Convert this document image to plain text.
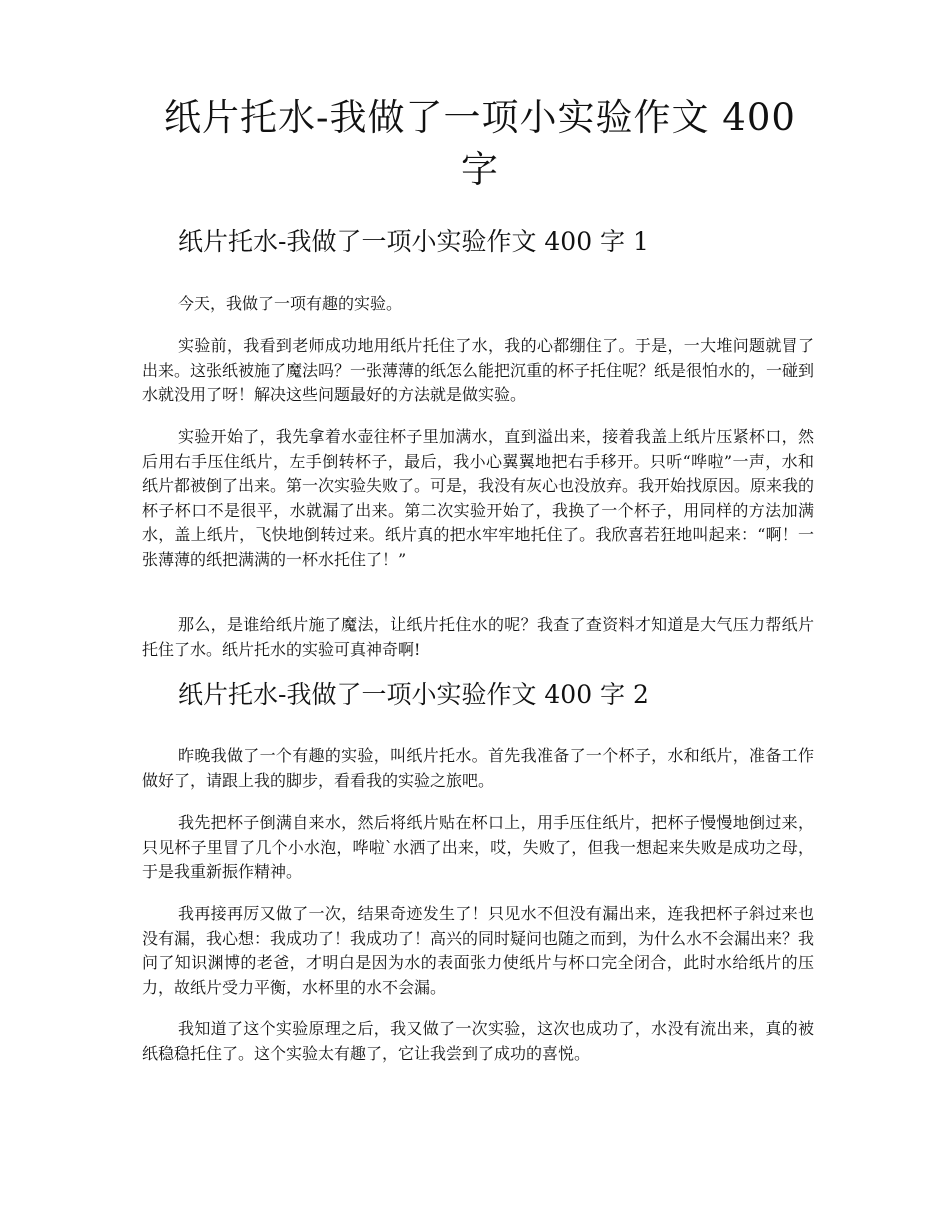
纸片托水-我做了一项小实验作文 400 字
纸片托水-我做了一项小实验作文 400 字 1

今天，我做了一项有趣的实验。

实验前，我看到老师成功地用纸片托住了水，我的心都绷住了。于是，一大堆问题就冒了出来。这张纸被施了魔法吗？一张薄薄的纸怎么能把沉重的杯子托住呢？纸是很怕水的，一碰到水就没用了呀！解决这些问题最好的方法就是做实验。

实验开始了，我先拿着水壶往杯子里加满水，直到溢出来，接着我盖上纸片压紧杯口，然后用右手压住纸片，左手倒转杯子，最后，我小心翼翼地把右手移开。只听“哗啦”一声，水和纸片都被倒了出来。第一次实验失败了。可是，我没有灰心也没放弃。我开始找原因。原来我的杯子杯口不是很平，水就漏了出来。第二次实验开始了，我换了一个杯子，用同样的方法加满水，盖上纸片，飞快地倒转过来。纸片真的把水牢牢地托住了。我欣喜若狂地叫起来：“啊！一张薄薄的纸把满满的一杯水托住了！”

那么，是谁给纸片施了魔法，让纸片托住水的呢？我查了查资料才知道是大气压力帮纸片托住了水。纸片托水的实验可真神奇啊!

纸片托水-我做了一项小实验作文 400 字 2

昨晚我做了一个有趣的实验，叫纸片托水。首先我准备了一个杯子，水和纸片，准备工作做好了，请跟上我的脚步，看看我的实验之旅吧。

我先把杯子倒满自来水，然后将纸片贴在杯口上，用手压住纸片，把杯子慢慢地倒过来，只见杯子里冒了几个小水泡，哗啦`水洒了出来，哎，失败了，但我一想起来失败是成功之母，于是我重新振作精神。

我再接再厉又做了一次，结果奇迹发生了！只见水不但没有漏出来，连我把杯子斜过来也没有漏，我心想：我成功了！我成功了！高兴的同时疑问也随之而到，为什么水不会漏出来？我问了知识渊博的老爸，才明白是因为水的表面张力使纸片与杯口完全闭合，此时水给纸片的压力，故纸片受力平衡，水杯里的水不会漏。

我知道了这个实验原理之后，我又做了一次实验，这次也成功了，水没有流出来，真的被纸稳稳托住了。这个实验太有趣了，它让我尝到了成功的喜悦。
